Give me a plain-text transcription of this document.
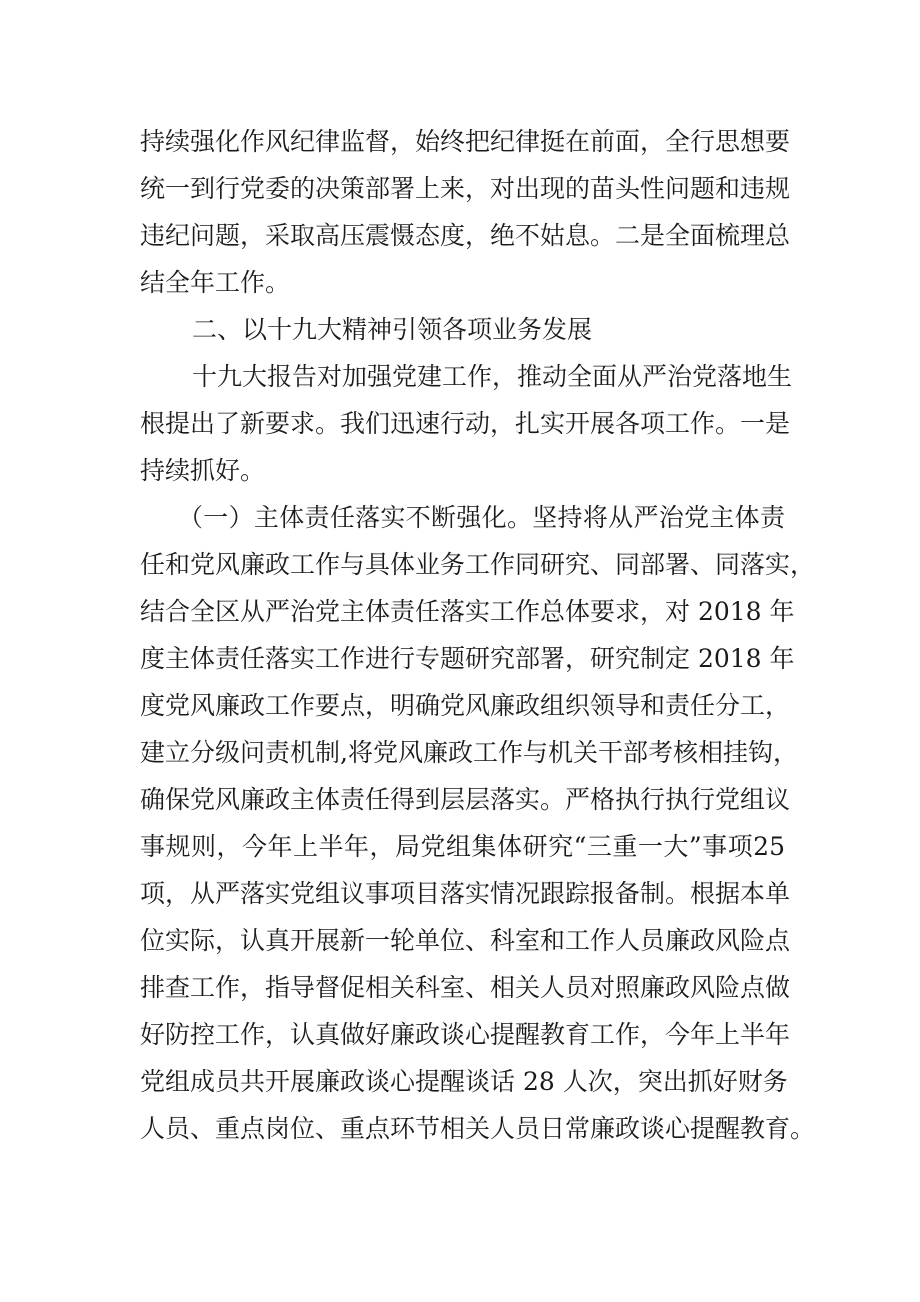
持续强化作风纪律监督，始终把纪律挺在前面，全行思想要
统一到行党委的决策部署上来，对出现的苗头性问题和违规
违纪问题，采取高压震慑态度，绝不姑息。二是全面梳理总
结全年工作。
二、以十九大精神引领各项业务发展
十九大报告对加强党建工作，推动全面从严治党落地生
根提出了新要求。我们迅速行动，扎实开展各项工作。一是
持续抓好。
（一）主体责任落实不断强化。坚持将从严治党主体责
任和党风廉政工作与具体业务工作同研究、同部署、同落实，
结合全区从严治党主体责任落实工作总体要求，对 2018 年
度主体责任落实工作进行专题研究部署，研究制定 2018 年
度党风廉政工作要点，明确党风廉政组织领导和责任分工，
建立分级问责机制,将党风廉政工作与机关干部考核相挂钩，
确保党风廉政主体责任得到层层落实。严格执行执行党组议
事规则，今年上半年，局党组集体研究“三重一大”事项25
项，从严落实党组议事项目落实情况跟踪报备制。根据本单
位实际，认真开展新一轮单位、科室和工作人员廉政风险点
排查工作，指导督促相关科室、相关人员对照廉政风险点做
好防控工作，认真做好廉政谈心提醒教育工作，今年上半年
党组成员共开展廉政谈心提醒谈话 28 人次，突出抓好财务
人员、重点岗位、重点环节相关人员日常廉政谈心提醒教育。
